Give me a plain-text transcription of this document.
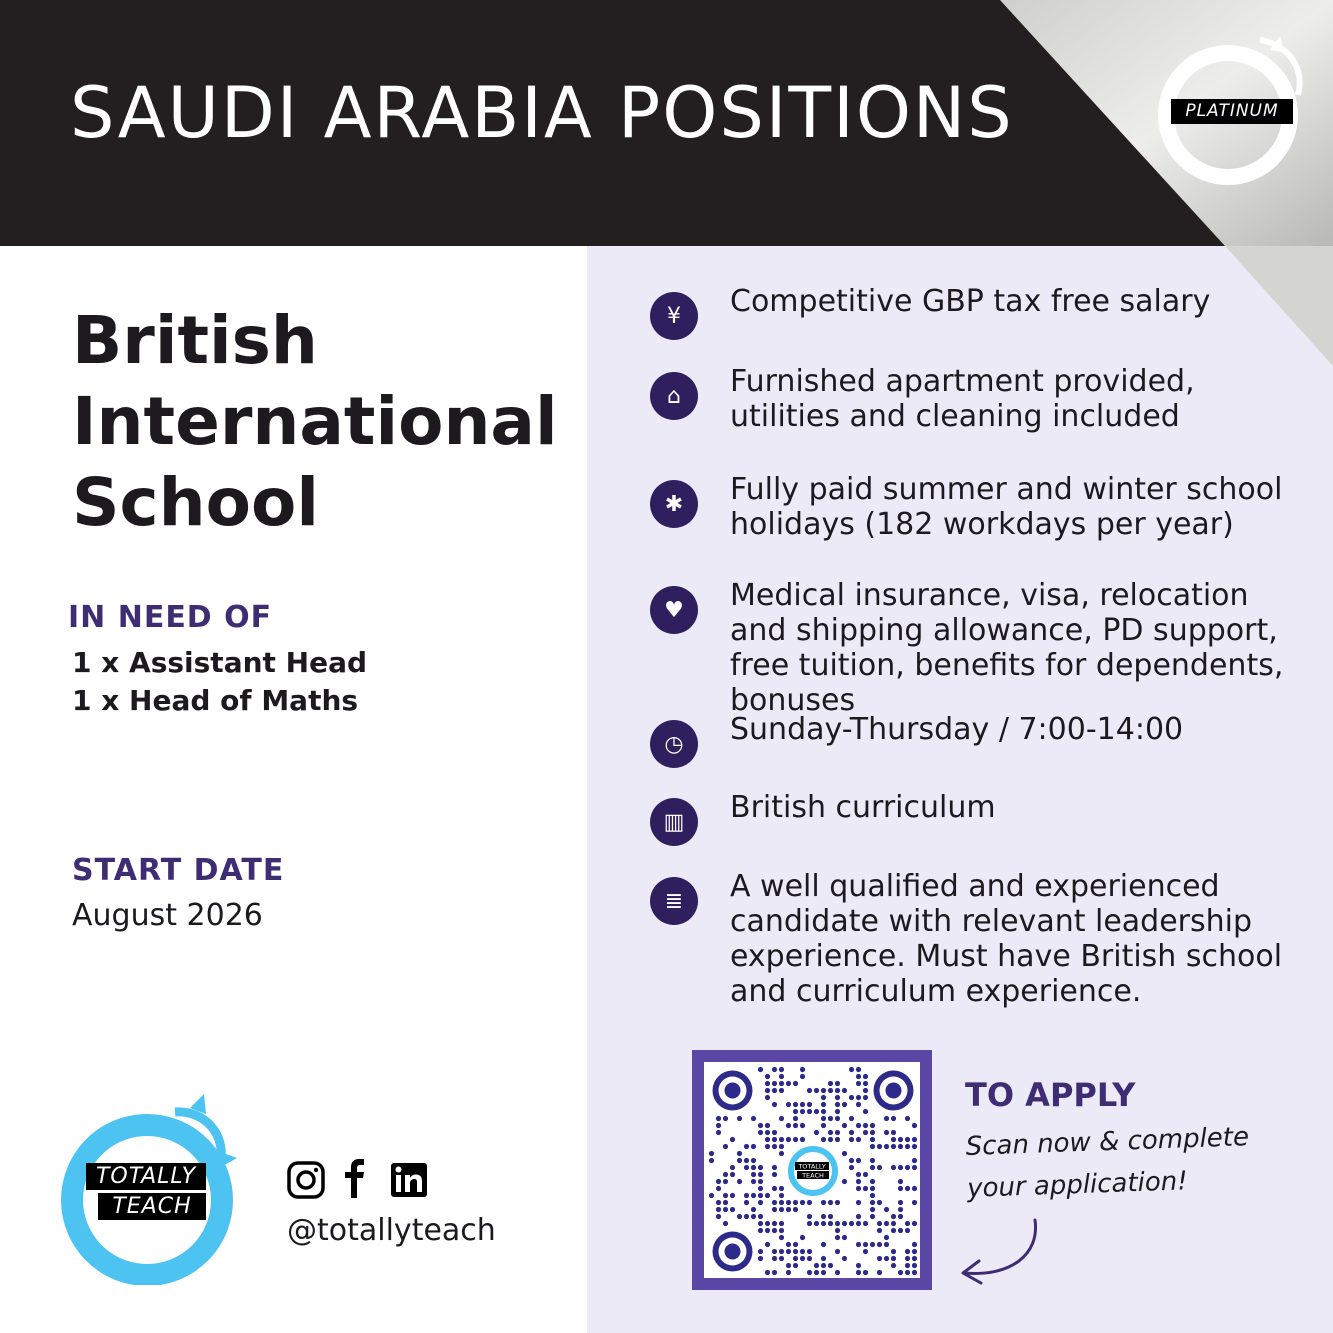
SAUDI ARABIA POSITIONS	PLATINUM
British
International
School
IN NEED OF
1 x Assistant Head
1 x Head of Maths
START DATE
August 2026
¥	Competitive GBP tax free salary
⌂	Furnished apartment provided, utilities and cleaning included
✱	Fully paid summer and winter school holidays (182 workdays per year)
♥	Medical insurance, visa, relocation and shipping allowance, PD support, free tuition, benefits for dependents, bonuses
◷	Sunday-Thursday / 7:00-14:00
▥	British curriculum
≣	A well qualified and experienced candidate with relevant leadership experience. Must have British school and curriculum experience.
TOTALLY
TEACH
TO APPLY
Scan now & complete your application!
TOTALLY
TEACH
@totallyteach
